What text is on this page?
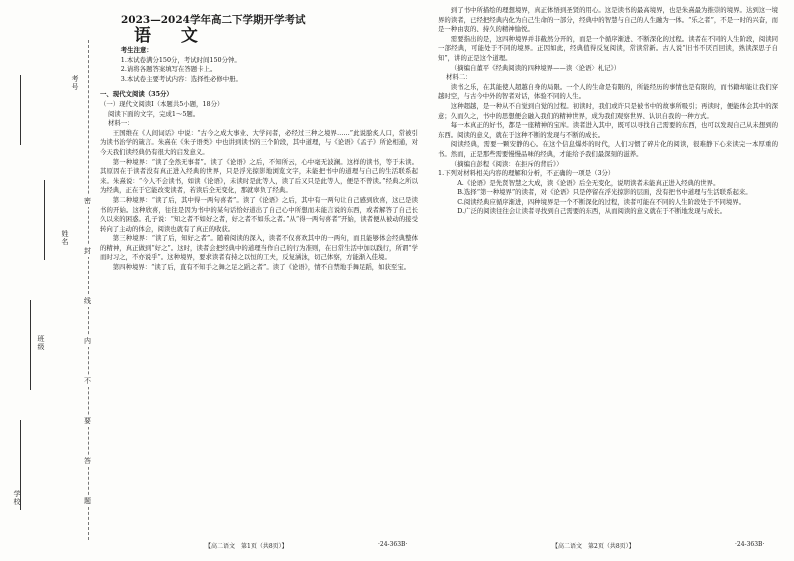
学校
班级
姓名
考号
密
封
线
内
不
要
答
题

2023—2024学年高二下学期开学考试

语 文

考生注意：

1.本试卷满分150分，考试时间150分钟。

2.请将各题答案填写在答题卡上。

3.本试卷主要考试内容：选择性必修中册。

一、现代文阅读（35分）

（一）现代文阅读Ⅰ（本题共5小题，18分）

阅读下面的文字，完成1～5题。

材料一：

王国维在《人间词话》中说：“古今之成大事业、大学问者，必经过三种之境界……”此说脍炙人口，常被引为读书治学的箴言。朱熹在《朱子语类》中也讲到读书的三个阶段，其中道理，与《论语》《孟子》所论相通，对今天我们读经典仍有很大的启发意义。

第一种境界：“读了全然无事者”。读了《论语》之后，不知所云，心中毫无波澜。这样的读书，等于未读。其原因在于读者没有真正进入经典的世界，只是浮光掠影地浏览文字，未能把书中的道理与自己的生活联系起来。朱熹说：“今人不会读书，如读《论语》，未读时是此等人，读了后又只是此等人，便是不曾读。”经典之所以为经典，正在于它能改变读者，若读后全无变化，那就辜负了经典。

第二种境界：“读了后，其中得一两句喜者”。读了《论语》之后，其中有一两句让自己感到欣喜，这已是读书的开始。这种欣喜，往往是因为书中的某句话恰好道出了自己心中所想而未能言说的东西，或者解答了自己长久以来的困惑。孔子说：“知之者不如好之者，好之者不如乐之者。”从“得一两句喜者”开始，读者便从被动的接受转向了主动的体会，阅读也就有了真正的收获。

第三种境界：“读了后，知好之者”。随着阅读的深入，读者不仅喜欢其中的一两句，而且能够体会经典整体的精神，真正做到“好之”。这时，读者会把经典中的道理当作自己的行为准则，在日常生活中加以践行，所谓“学而时习之，不亦说乎”。这种境界，要求读者有持之以恒的工夫，反复涵泳，切己体察，方能渐入佳境。

第四种境界：“读了后，直有不知手之舞之足之蹈之者”。读了《论语》，情不自禁地手舞足蹈，如获至宝。

到了书中所描绘的理想境界，真正体悟到圣贤的用心。这是读书的最高境界，也是朱熹最为推崇的境界。达到这一境界的读者，已经把经典内化为自己生命的一部分，经典中的智慧与自己的人生融为一体。“乐之者”，不是一时的兴奋，而是一种由衷的、持久的精神愉悦。

需要指出的是，这四种境界并非截然分开的，而是一个循序渐进、不断深化的过程。读者在不同的人生阶段，阅读同一部经典，可能处于不同的境界。正因如此，经典值得反复阅读，常读常新。古人说“旧书不厌百回读，熟读深思子自知”，讲的正是这个道理。

（摘编自董平《经典阅读的四种境界——读〈论语〉札记》）

材料二：

读书之乐，在其能使人超越自身的局限。一个人的生命是有限的，所能经历的事情也是有限的，而书籍却能让我们穿越时空，与古今中外的智者对话，体验不同的人生。

这种超越，是一种从不自觉到自觉的过程。初读时，我们或许只是被书中的故事所吸引；再读时，便能体会其中的深意；久而久之，书中的思想便会融入我们的精神世界，成为我们观察世界、认识自我的一种方式。

每一本真正的好书，都是一座精神的宝库。读者进入其中，既可以寻找自己需要的东西，也可以发现自己从未想到的东西。阅读的意义，就在于这种不断的发现与不断的成长。

阅读经典，需要一颗安静的心。在这个信息爆炸的时代，人们习惯了碎片化的阅读，很难静下心来读完一本厚重的书。然而，正是那些需要慢慢品味的经典，才能给予我们最深刻的滋养。

（摘编自彭程《阅读：在拒斥的背后》）

1.下列对材料相关内容的理解和分析，不正确的一项是（3分）

A.《论语》是先贤智慧之大成，读《论语》后全无变化，说明读者未能真正进入经典的世界。

B.选择“第一种境界”的读者，对《论语》只是停留在浮光掠影的层面，没有把书中道理与生活联系起来。

C.阅读经典应循序渐进，四种境界是一个不断深化的过程，读者可能在不同的人生阶段处于不同境界。

D.广泛的阅读往往会让读者寻找到自己需要的东西，从而阅读的意义就在于不断地发现与成长。

【高二语文　第1页（共8页）】	·24-363B·	【高二语文　第2页（共8页）】	·24-363B·
